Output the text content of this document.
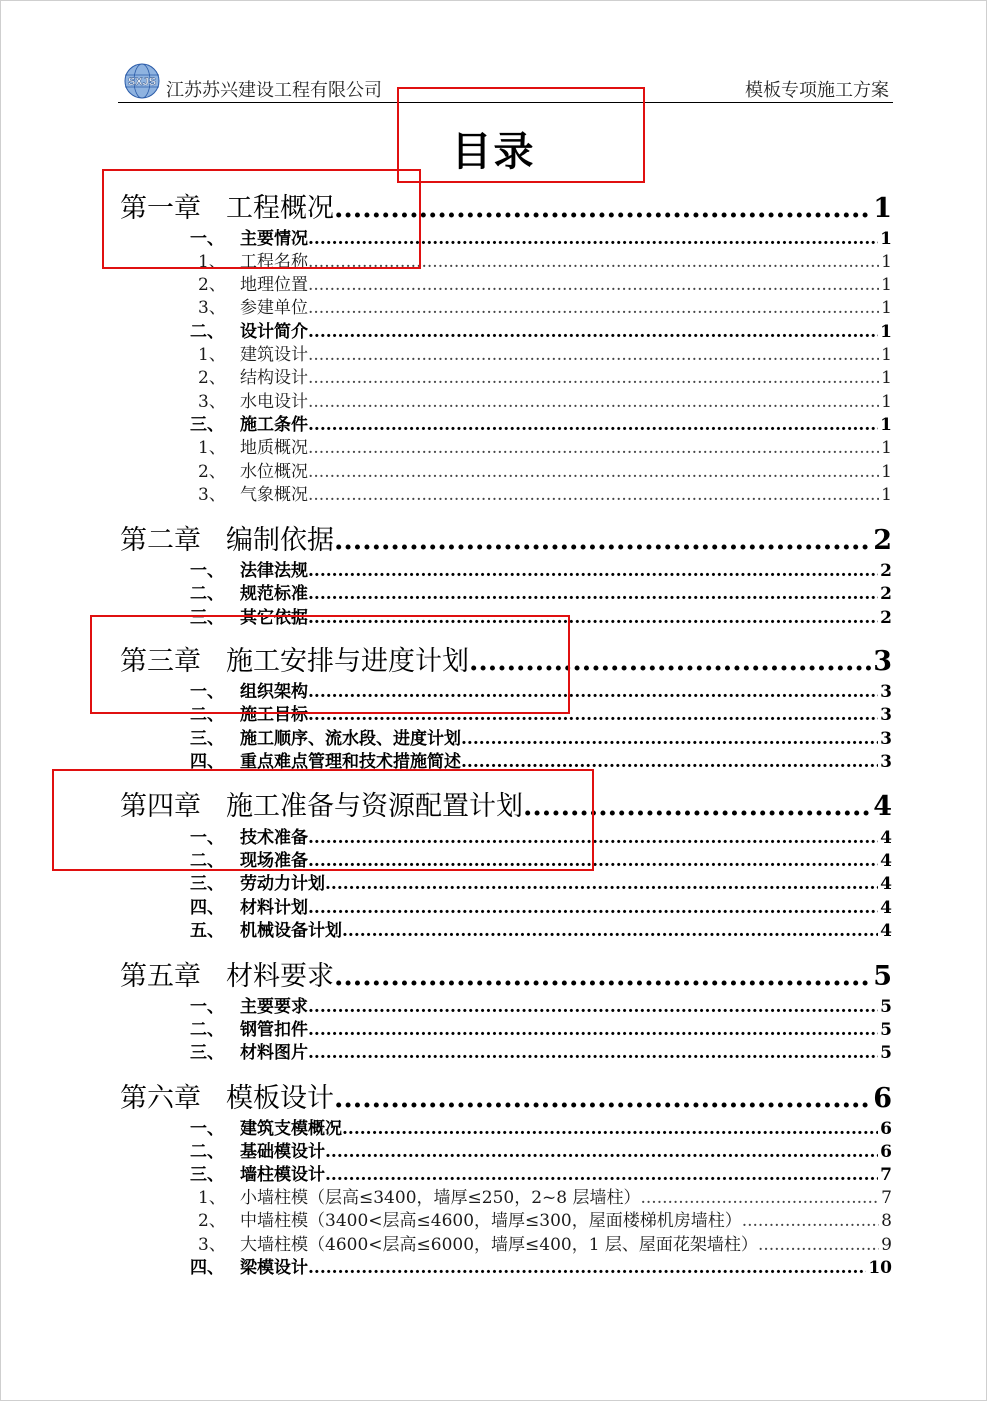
SXJS 江苏苏兴建设工程有限公司	模板专项施工方案
目录
第一章 工程概况 .....	1
一、 主要情况 .....	1
1、 工程名称 .....	1
2、 地理位置 .....	1
3、 参建单位 .....	1
二、 设计简介 .....	1
1、 建筑设计 .....	1
2、 结构设计 .....	1
3、 水电设计 .....	1
三、 施工条件 .....	1
1、 地质概况 .....	1
2、 水位概况 .....	1
3、 气象概况 .....	1
第二章 编制依据 .....	2
一、 法律法规 .....	2
二、 规范标准 .....	2
三、 其它依据 .....	2
第三章 施工安排与进度计划 .....	3
一、 组织架构 .....	3
二、 施工目标 .....	3
三、 施工顺序、流水段、进度计划 .....	3
四、 重点难点管理和技术措施简述 .....	3
第四章 施工准备与资源配置计划 .....	4
一、 技术准备 .....	4
二、 现场准备 .....	4
三、 劳动力计划 .....	4
四、 材料计划 .....	4
五、 机械设备计划 .....	4
第五章 材料要求 .....	5
一、 主要要求 .....	5
二、 钢管扣件 .....	5
三、 材料图片 .....	5
第六章 模板设计 .....	6
一、 建筑支模概况 .....	6
二、 基础模设计 .....	6
三、 墙柱模设计 .....	7
1、 小墙柱模（层高≤3400，墙厚≤250，2~8 层墙柱） .....	7
2、 中墙柱模（3400<层高≤4600，墙厚≤300，屋面楼梯机房墙柱） .....	8
3、 大墙柱模（4600<层高≤6000，墙厚≤400，1 层、屋面花架墙柱） .....	9
四、 梁模设计 .....	10
